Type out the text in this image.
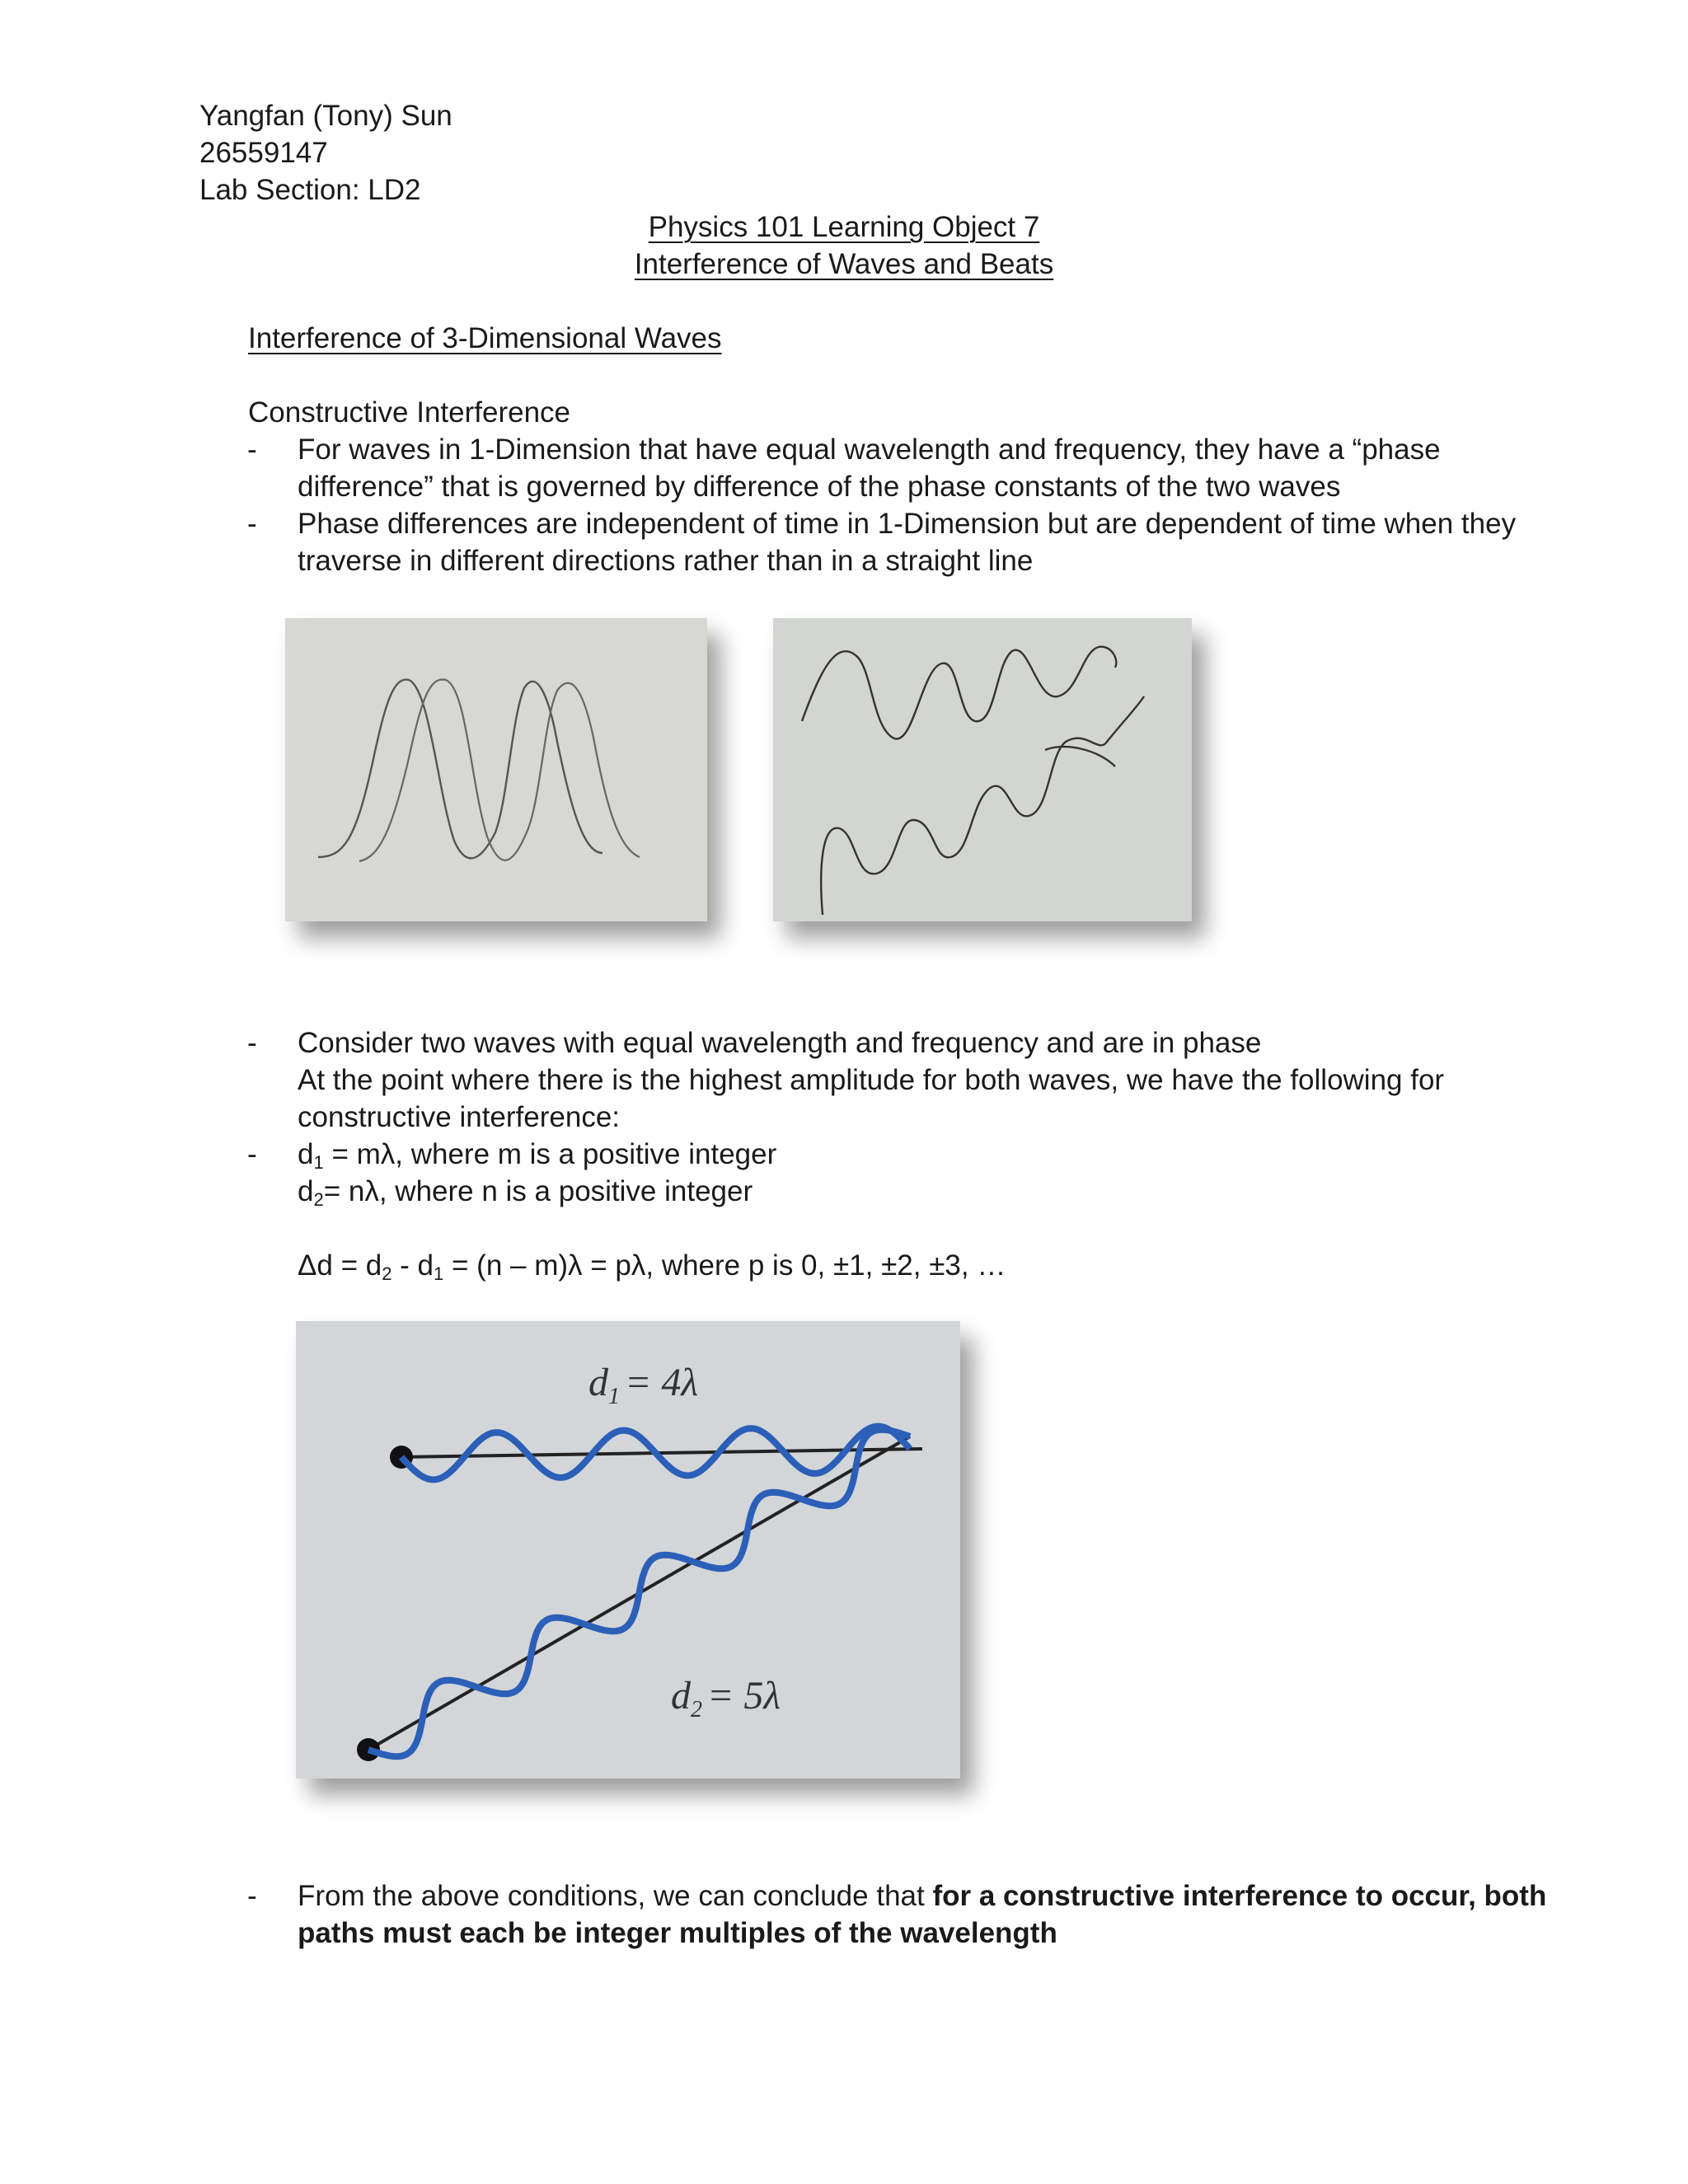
Yangfan (Tony) Sun
26559147
Lab Section: LD2
Physics 101 Learning Object 7
Interference of Waves and Beats
Interference of 3-Dimensional Waves
Constructive Interference
- For waves in 1-Dimension that have equal wavelength and frequency, they have a “phase
difference” that is governed by difference of the phase constants of the two waves
- Phase differences are independent of time in 1-Dimension but are dependent of time when they
traverse in different directions rather than in a straight line
- Consider two waves with equal wavelength and frequency and are in phase
At the point where there is the highest amplitude for both waves, we have the following for
constructive interference:
- $d_1 = m\lambda$, where m is a positive integer
$d_2= n\lambda$, where n is a positive integer
$\Delta d = d_2 - d_1 = (n - m)\lambda = p\lambda$, where p is 0, ±1, ±2, ±3, …
$d_1 = 4\lambda$
$d_2 = 5\lambda$
- From the above conditions, we can conclude that for a constructive interference to occur, both
paths must each be integer multiples of the wavelength
